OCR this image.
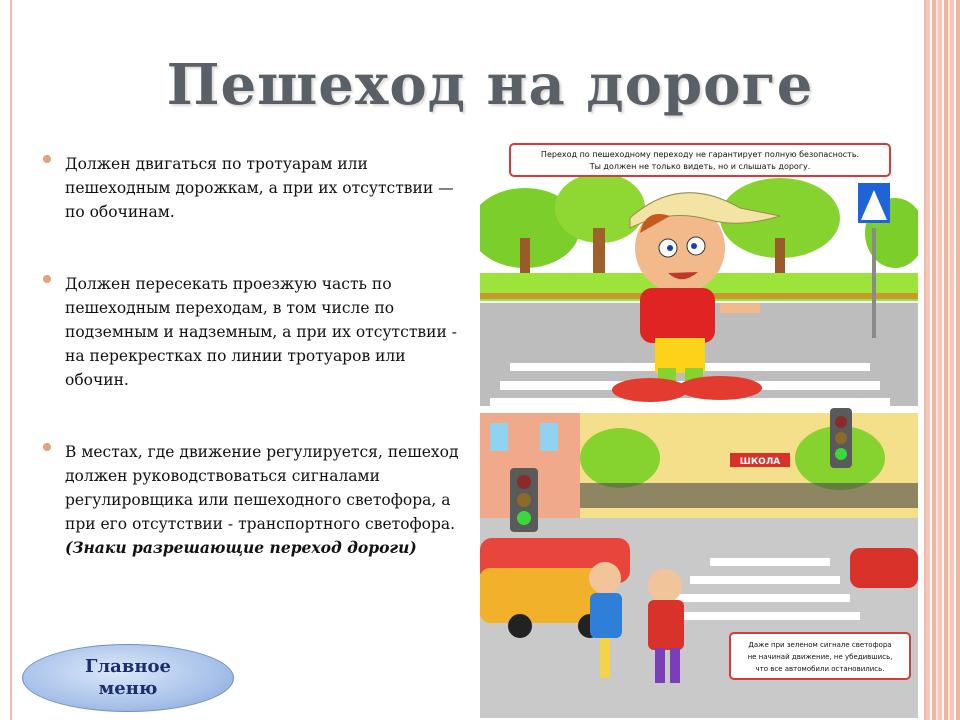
Пешеход на дороге
Должен двигаться по тротуарам или пешеходным дорожкам, а при их отсутствии — по обочинам.
Должен пересекать проезжую часть по пешеходным переходам, в том числе по подземным и надземным, а при их отсутствии - на перекрестках по линии тротуаров или обочин.
В местах, где движение регулируется, пешеход должен руководствоваться сигналами регулировщика или пешеходного светофора, а при его отсутствии - транспортного светофора.
(Знаки разрешающие переход дороги)
Главное меню
Переход по пешеходному переходу не гарантирует полную безопасность.
Ты должен не только видеть, но и слышать дорогу.
ШКОЛА
Даже при зеленом сигнале светофора
не начинай движение, не убедившись,
что все автомобили остановились.
